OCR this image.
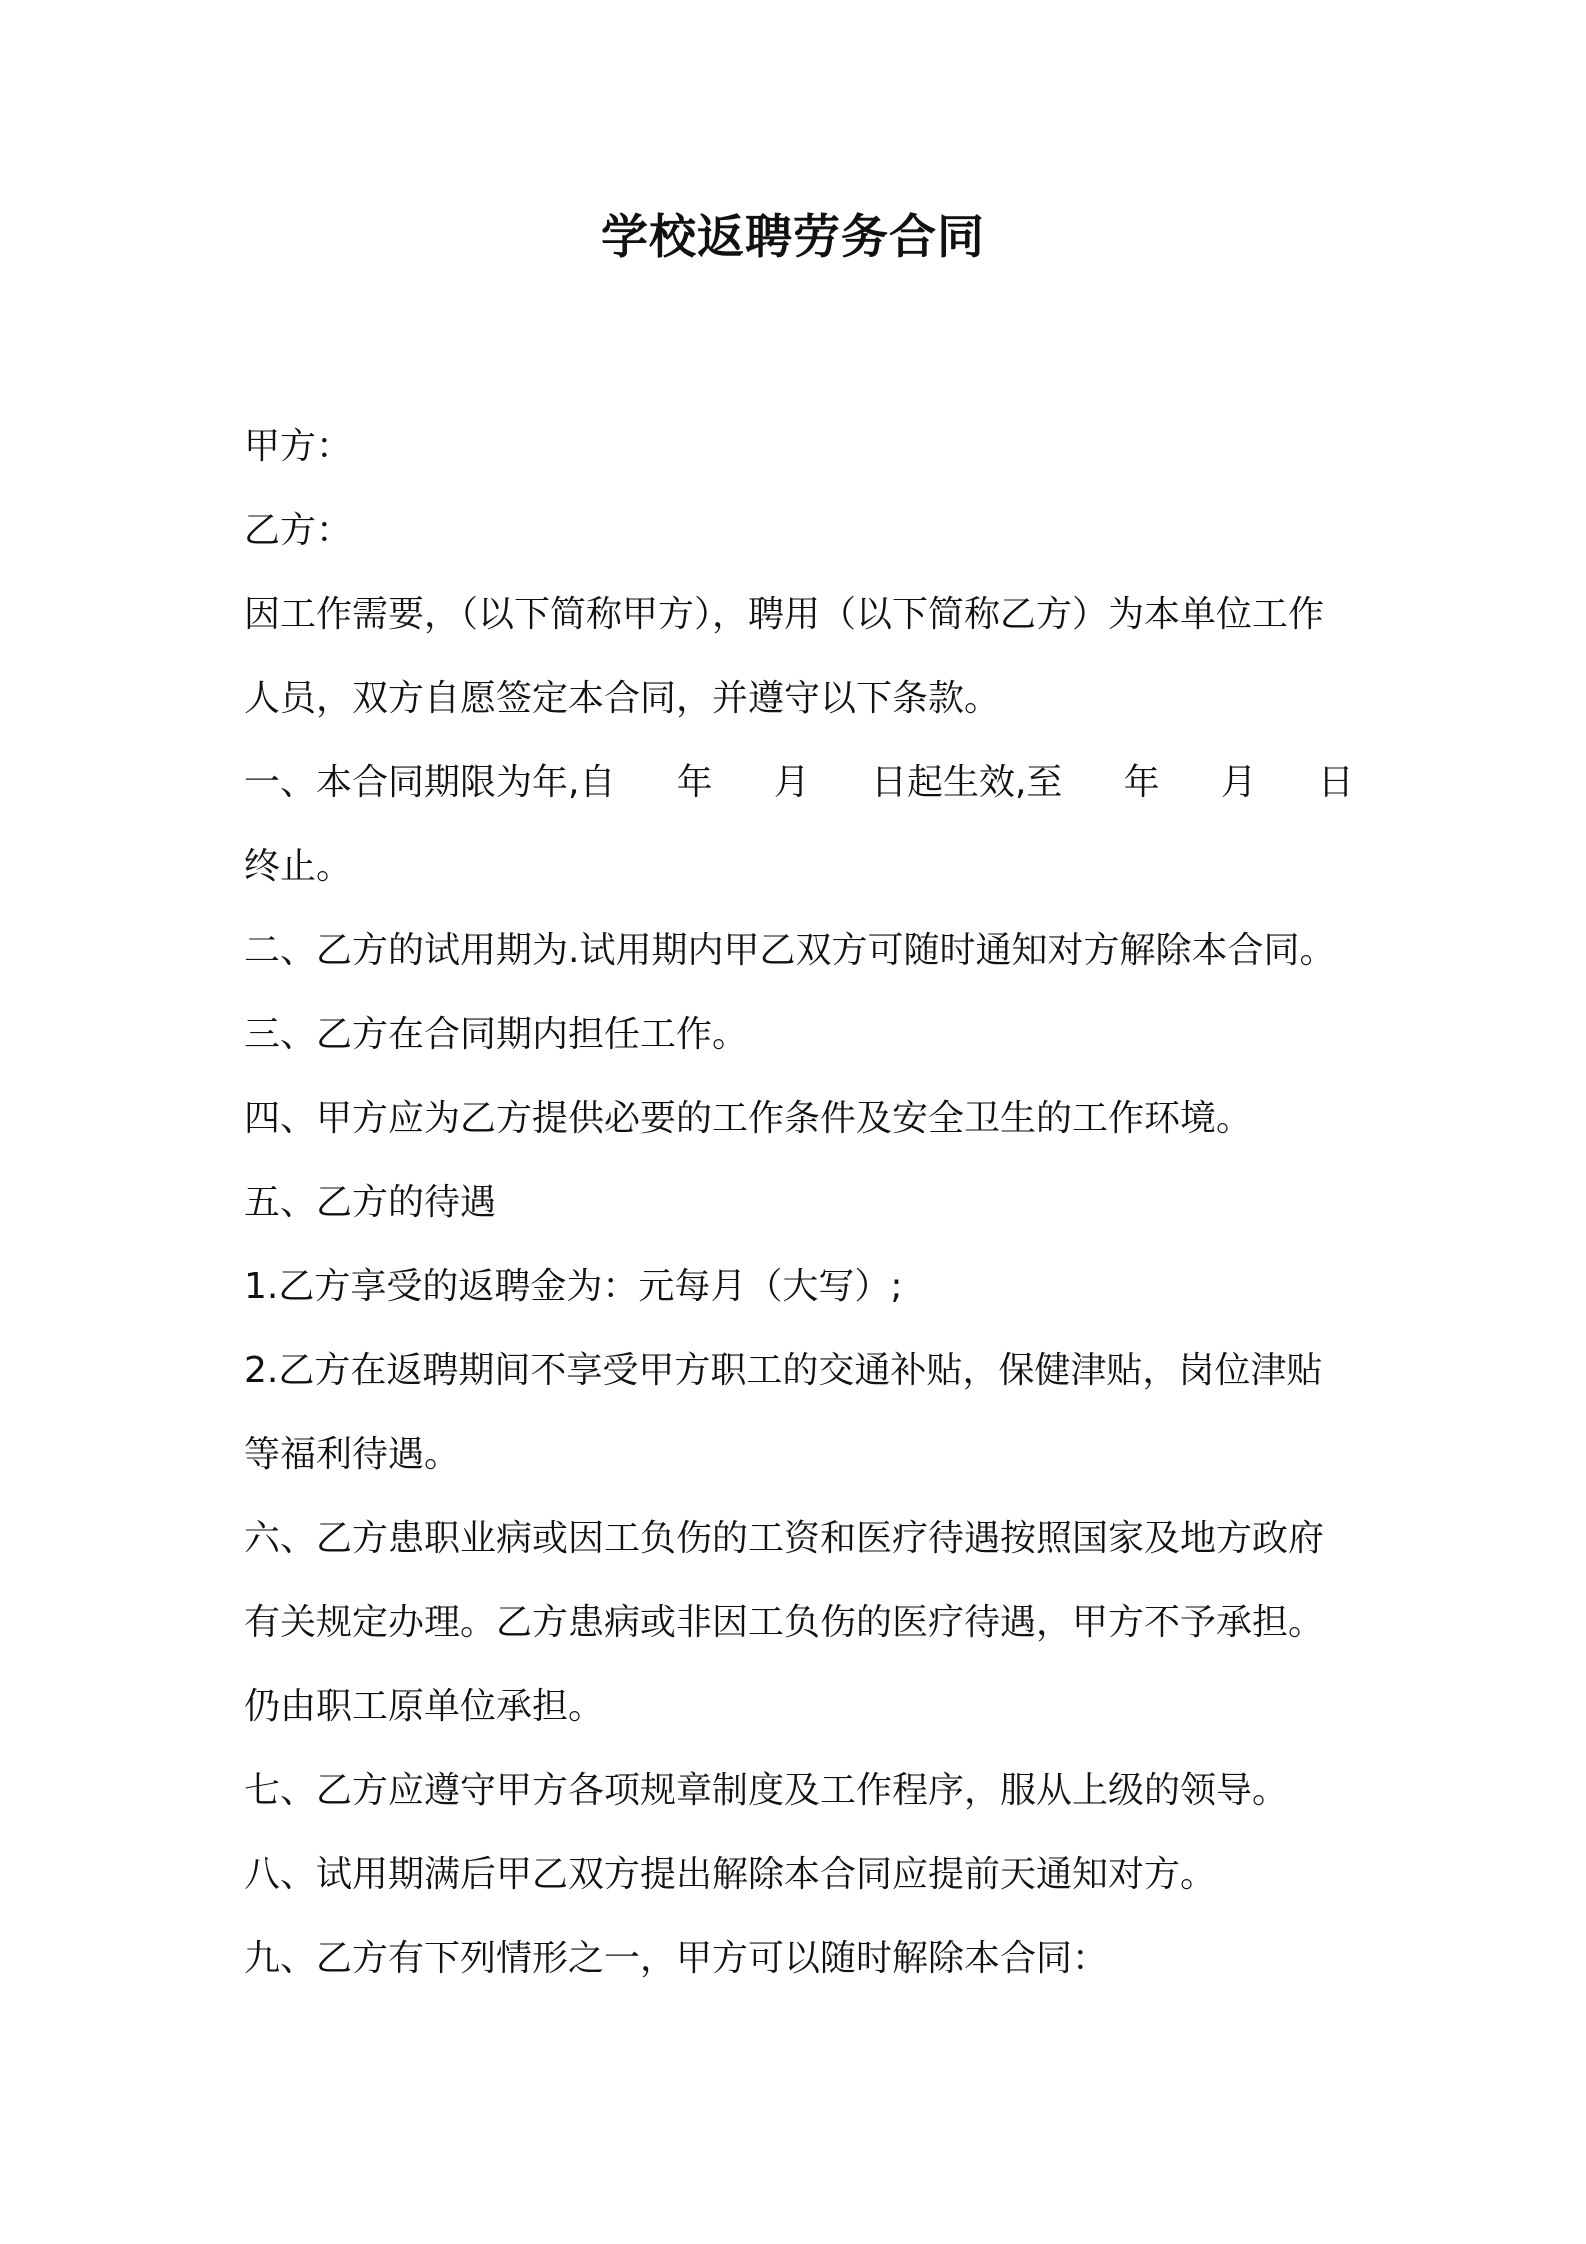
学校返聘劳务合同
甲方：
乙方：
因工作需要，（以下简称甲方），聘用（以下简称乙方）为本单位工作
人员，双方自愿签定本合同，并遵守以下条款。
一、本合同期限为年,自 年 月 日起生效,至 年 月 日
终止。
二、乙方的试用期为.试用期内甲乙双方可随时通知对方解除本合同。
三、乙方在合同期内担任工作。
四、甲方应为乙方提供必要的工作条件及安全卫生的工作环境。
五、乙方的待遇
1.乙方享受的返聘金为：元每月（大写）;
2.乙方在返聘期间不享受甲方职工的交通补贴，保健津贴，岗位津贴
等福利待遇。
六、乙方患职业病或因工负伤的工资和医疗待遇按照国家及地方政府
有关规定办理。乙方患病或非因工负伤的医疗待遇，甲方不予承担。
仍由职工原单位承担。
七、乙方应遵守甲方各项规章制度及工作程序，服从上级的领导。
八、试用期满后甲乙双方提出解除本合同应提前天通知对方。
九、乙方有下列情形之一，甲方可以随时解除本合同：
